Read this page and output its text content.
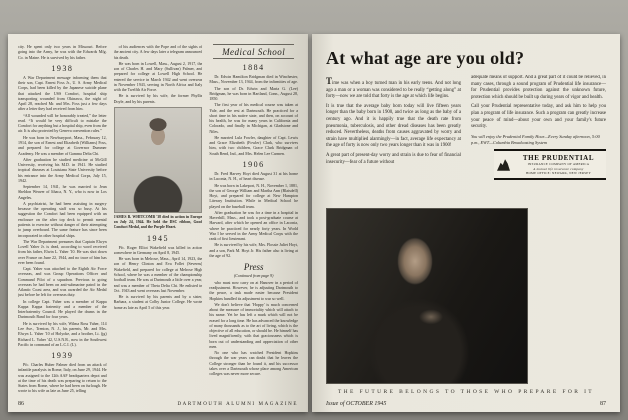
city. He spent only two years in Missouri. Before going into the Army, he was with the Edwards Mfg. Co. in Maine. He is survived by his father.

1938

A War Department message informing them that their son, Capt. Ernest Foss Jr., U. S. Army Medical Corps, had been killed by the Japanese suicide plane that attacked the USS Comfort, hospital ship transporting wounded from Okinawa, the night of April 28, reached Mr. and Mrs. Foss just a few days after a letter they had received from him.

“All wounded will be honorably treated,” the letter read. “It would be very difficult to mistake the Comfort for anything but a hospital ship, even from the air. It is also protected by Geneva convention rules.”

He was born in Newburyport, Mass., February 12, 1914, the son of Ernest and Elizabeth (Williams) Foss, and prepared for college at Governor Dummer Academy. He was a member of Gamma Delta Chi.

After graduation he studied medicine at McGill University, receiving his M.D. in 1941. He studied tropical diseases at Louisiana State University before his entrance into the Army Medical Corps, July 15, 1942.

September 14, 1941, he was married to Jean Sheldon Weaver of Ithaca, N. Y., who is now in Los Angeles.

A psychiatrist, he had been assisting in surgery because the operating staff was so busy. At his suggestion the Comfort had been equipped with an enclosure on the after top deck to permit mental patients to exercise without danger of their attempting to jump overboard. The same feature has since been incorporated in other hospital ships.

The War Department presumes that Captain Elwyn Lovell Yaher Jr. is dead, according to word received from his father, Elwin L. Yaher '10. He was shot down over France on June 22, 1944, and no trace of him has ever been found.

Capt. Yaher was attached to the Eighth Air Force overseas, and was Group Operations Officer and Command Pilot of a squadron. Previous to going overseas he had been on anti-submarine patrol in the Atlantic Coast area, and was awarded the Air Medal just before he left for overseas duty.

In college Capt. Yaher was a member of Kappa Kappa Kappa fraternity and a member of the Interfraternity Council. He played the drums in the Dartmouth Band for four years.

He is survived by his wife, Wilma Ross Yaher, 114 Lee Ave., Trenton, N. J., his parents, Mr. and Mrs. Elwyn L. Yaher '10 of Holyoke, and a brother, Lt. (jg) Richard L. Yaher '42, U.S.N.R., now in the Southwest Pacific in command of an L.C.I. (L).

1939

Pfc. Charles Huber Palmer died from an attack of infantile paralysis in Rome, Italy, on June 29, 1944. He was assigned to the 12th AAF headquarters depot and at the time of his death was preparing to return to the States from Rome, where he had been on furlough. He wrote to his wife as late as June 25, telling

of his audiences with the Pope and of the sights of the ancient city. A few days later a telegram announced his death.

He was born in Lowell, Mass., August 2, 1917, the son of Charles H. and Mary (Sullivan) Palmer, and prepared for college at Lowell High School. He entered the service in March 1942 and went overseas in November 1943, serving in North Africa and Italy with the Twelfth Air Force.

He is survived by his wife, the former Phyllis Doyle, and by his parents.

JAMES B. WHITCOMB '38 died in action in Europe on July 24, 1944. He held the DSC ribbon, Good Conduct Medal, and the Purple Heart.

1945

Pfc. Roger Elliot Wakefield was killed in action somewhere in Germany on April 8, 1945.

He was born in Melrose, Mass., April 14, 1923, the son of Henry Clinton and Eva Follet (Severns) Wakefield, and prepared for college at Melrose High School, where he was a member of the championship football team. He was at Dartmouth a little over a year, and was a member of Theta Delta Chi. He enlisted in Oct. 1943 and went overseas last November.

He is survived by his parents and by a sister, Barbara, a student at Colby Junior College. He wrote home as late as April 5 of this year.

Medical School
1884

Dr. Edwin Hamilton Bridgman died in Winchester, Mass., November 13, 1944, from the infirmities of age.

The son of Dr. Edwin and Maria G. (Lee) Bridgman, he was born in Hartland, Conn., August 28, 1850.

The first year of his medical course was taken at Yale, and the rest at Dartmouth. He practiced for a short time in his native state, and then, on account of his health, he was for many years in California and Colorado, and finally in Michigan, at Gladstone and Niles.

He married Lula Fowler, daughter of Capt. Lewis and Grace Elizabeth (Fowler) Clark, who survives him, with two children, Grace Clark Bridgman of South Bend, Ind., and Mrs. Helen Lee Carmen.

1906

Dr. Fred Harvey Hoyt died August 31 at his home in Laconia, N. H., of heart disease.

He was born in Lakeport, N. H., November 1, 1881, the son of George William and Martha Ann (Blaisdell) Hoyt, and prepared for college at New Hampton Literary Institution. While in Medical School he played on the baseball team.

After graduation he was for a time in a hospital in Haverhill, Mass., and took a post-graduate course at Harvard, after which he opened an office in Laconia, where he practiced for nearly forty years. In World War I he served in the Army Medical Corps with the rank of first lieutenant.

He is survived by his wife, Mrs. Flossie Juliet Hoyt, and a son, Park M. Hoyt Jr. His father also is living at the age of 92.

Press

(Continued from page 9)

who must now carry on at Hanover in a period of readjustment. However, he is adjusting Dartmouth to the peace, a task made easier because President Hopkins handled its adjustment to war so well.

We don't believe that 'Hoppy' is much concerned about the measure of immortality which will attach to his name. Yet he has left a mark which will not be erased for a long time. He has advanced the knowledge of many thousands as to the art of living, which is the objective of all education, or should be. He himself has lived magnificently, with that graciousness which is born out of understanding and appreciation of other men.

No one who has watched President Hopkins through the war years can doubt that he leaves the College stronger than he found it, and his successor takes over a Dartmouth whose place among American colleges was never more secure.

86	DARTMOUTH ALUMNI MAGAZINE
At what age are you old?

Time was when a boy turned man in his early teens. And not long ago a man or a woman was considered to be really “getting along” at forty—now we are told that forty is the age at which life begins.

It is true that the average baby born today will live fifteen years longer than the baby born in 1900, and twice as long as the baby of a century ago. And it is happily true that the death rate from pneumonia, tuberculosis, and other dread diseases has been greatly reduced. Nevertheless, deaths from causes aggravated by worry and strain have multiplied alarmingly—in fact, average life expectancy at the age of forty is now only two years longer than it was in 1900!

A great part of present-day worry and strain is due to fear of financial insecurity—fear of a future without

adequate means of support. And a great part of it could be relieved, in many cases, through a sound program of Prudential life insurance—for Prudential provides protection against the unknown future, protection which should be built up during years of vigor and health.

Call your Prudential representative today, and ask him to help you plan a program of life insurance. Such a program can greatly increase your peace of mind—about your own and your family's future security.

You will enjoy the Prudential Family Hour—Every Sunday afternoon, 5:00 p.m., EWT—Columbia Broadcasting System

THE PRUDENTIAL
INSURANCE COMPANY OF AMERICA
A mutual life insurance company
HOME OFFICE: NEWARK, NEW JERSEY
THE FUTURE BELONGS TO THOSE WHO PREPARE FOR IT
Issue of OCTOBER 1945	87
